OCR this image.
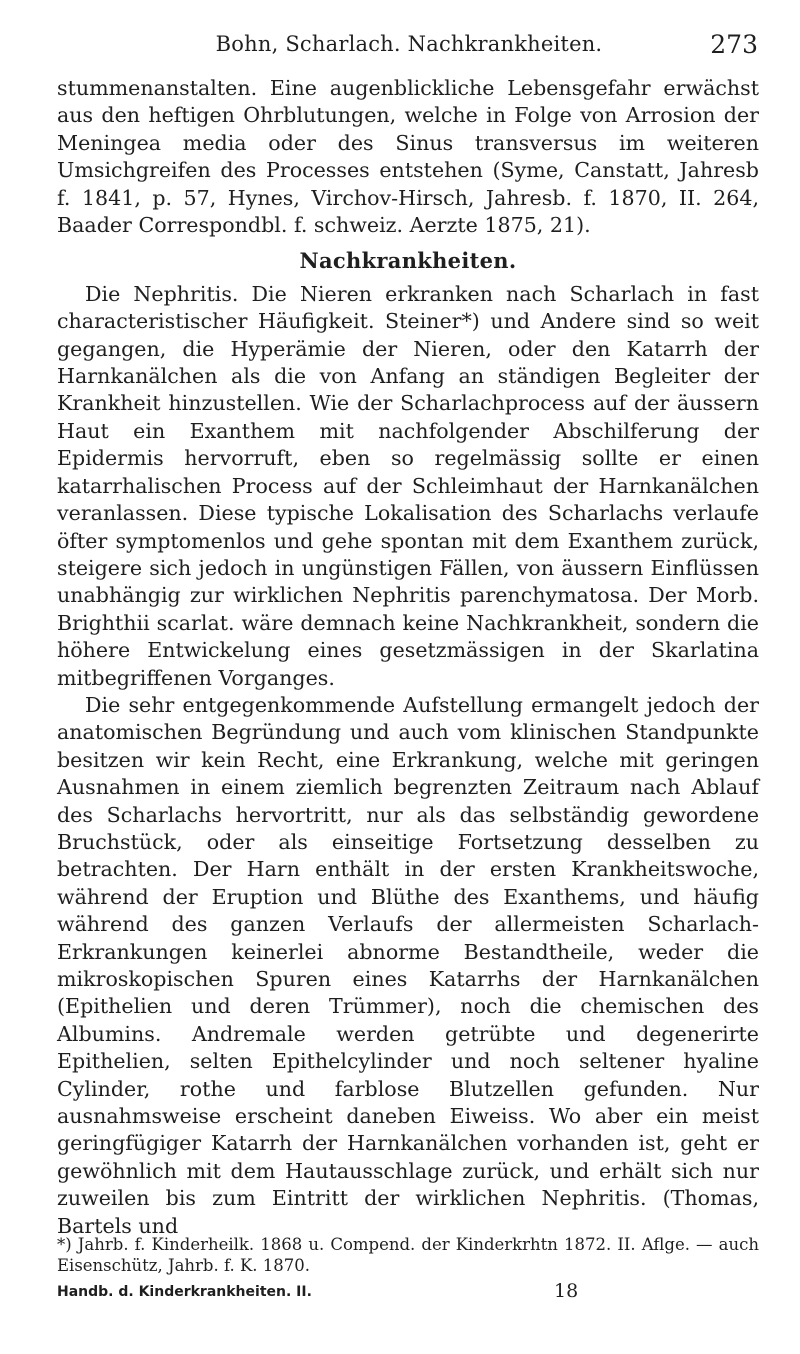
Bohn, Scharlach. Nachkrankheiten.	273

stummenanstalten. Eine augenblickliche Lebensgefahr erwächst aus den heftigen Ohrblutungen, welche in Folge von Arrosion der Meningea media oder des Sinus transversus im weiteren Umsichgreifen des Processes entstehen (Syme, Canstatt, Jahresb f. 1841, p. 57, Hynes, Virchov-Hirsch, Jahresb. f. 1870, II. 264, Baader Correspondbl. f. schweiz. Aerzte 1875, 21).

Nachkrankheiten.

Die Nephritis. Die Nieren erkranken nach Scharlach in fast characteristischer Häufigkeit. Steiner*) und Andere sind so weit gegangen, die Hyperämie der Nieren, oder den Katarrh der Harnkanälchen als die von Anfang an ständigen Begleiter der Krankheit hinzustellen. Wie der Scharlachprocess auf der äussern Haut ein Exanthem mit nachfolgender Abschilferung der Epidermis hervorruft, eben so regelmässig sollte er einen katarrhalischen Process auf der Schleimhaut der Harnkanälchen veranlassen. Diese typische Lokalisation des Scharlachs verlaufe öfter symptomenlos und gehe spontan mit dem Exanthem zurück, steigere sich jedoch in ungünstigen Fällen, von äussern Einflüssen unabhängig zur wirklichen Nephritis parenchymatosa. Der Morb. Brighthii scarlat. wäre demnach keine Nachkrankheit, sondern die höhere Entwickelung eines gesetzmässigen in der Skarlatina mitbegriffenen Vorganges.

Die sehr entgegenkommende Aufstellung ermangelt jedoch der anatomischen Begründung und auch vom klinischen Standpunkte besitzen wir kein Recht, eine Erkrankung, welche mit geringen Ausnahmen in einem ziemlich begrenzten Zeitraum nach Ablauf des Scharlachs hervortritt, nur als das selbständig gewordene Bruchstück, oder als einseitige Fortsetzung desselben zu betrachten. Der Harn enthält in der ersten Krankheitswoche, während der Eruption und Blüthe des Exanthems, und häufig während des ganzen Verlaufs der allermeisten Scharlach-Erkrankungen keinerlei abnorme Bestandtheile, weder die mikroskopischen Spuren eines Katarrhs der Harnkanälchen (Epithelien und deren Trümmer), noch die chemischen des Albumins. Andremale werden getrübte und degenerirte Epithelien, selten Epithelcylinder und noch seltener hyaline Cylinder, rothe und farblose Blutzellen gefunden. Nur ausnahmsweise erscheint daneben Eiweiss. Wo aber ein meist geringfügiger Katarrh der Harnkanälchen vorhanden ist, geht er gewöhnlich mit dem Hautausschlage zurück, und erhält sich nur zuweilen bis zum Eintritt der wirklichen Nephritis. (Thomas, Bartels und

*) Jahrb. f. Kinderheilk. 1868 u. Compend. der Kinderkrhtn 1872. II. Aflge. — auch Eisenschütz, Jahrb. f. K. 1870.

Handb. d. Kinderkrankheiten. II.	18
